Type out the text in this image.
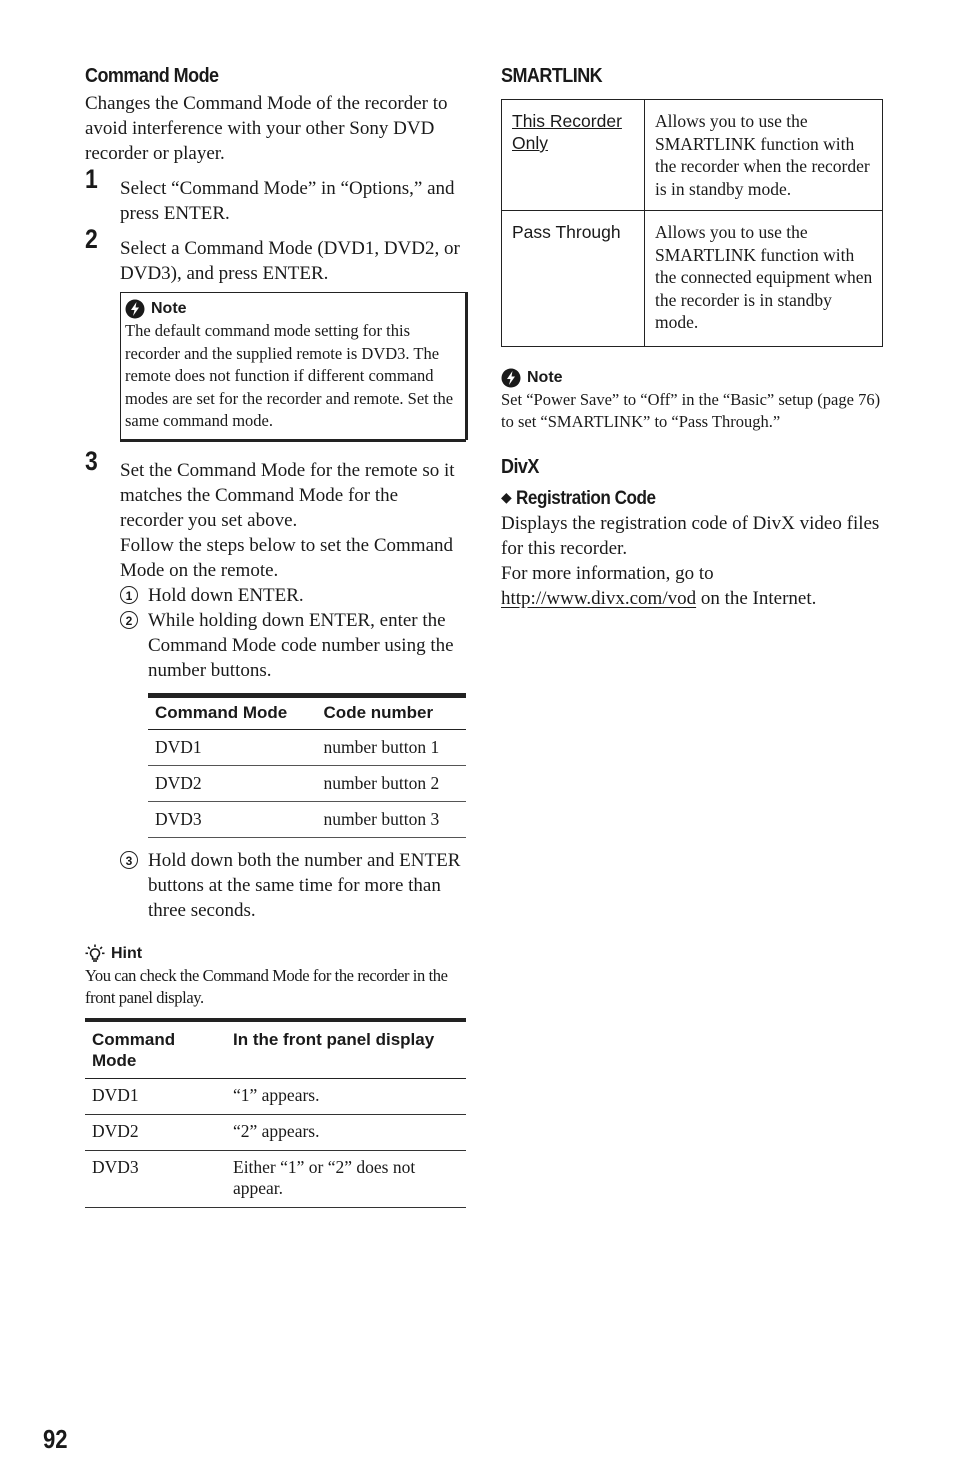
Command Mode
Changes the Command Mode of the recorder to avoid interference with your other Sony DVD recorder or player.
1 Select “Command Mode” in “Options,” and press ENTER.
2 Select a Command Mode (DVD1, DVD2, or DVD3), and press ENTER.
Note
The default command mode setting for this recorder and the supplied remote is DVD3. The remote does not function if different command modes are set for the recorder and remote. Set the same command mode.
3 Set the Command Mode for the remote so it matches the Command Mode for the recorder you set above.
Follow the steps below to set the Command Mode on the remote.
1 Hold down ENTER.
2 While holding down ENTER, enter the Command Mode code number using the number buttons.
Command Mode	Code number
DVD1	number button 1
DVD2	number button 2
DVD3	number button 3
3 Hold down both the number and ENTER buttons at the same time for more than three seconds.
Hint
You can check the Command Mode for the recorder in the front panel display.
Command Mode	In the front panel display
DVD1	“1” appears.
DVD2	“2” appears.
DVD3	Either “1” or “2” does not appear.
SMARTLINK
This Recorder Only	Allows you to use the SMARTLINK function with the recorder when the recorder is in standby mode.
Pass Through	Allows you to use the SMARTLINK function with the connected equipment when the recorder is in standby mode.
Note
Set “Power Save” to “Off” in the “Basic” setup (page 76) to set “SMARTLINK” to “Pass Through.”
DivX
◆ Registration Code
Displays the registration code of DivX video files for this recorder.
For more information, go to http://www.divx.com/vod on the Internet.
92
